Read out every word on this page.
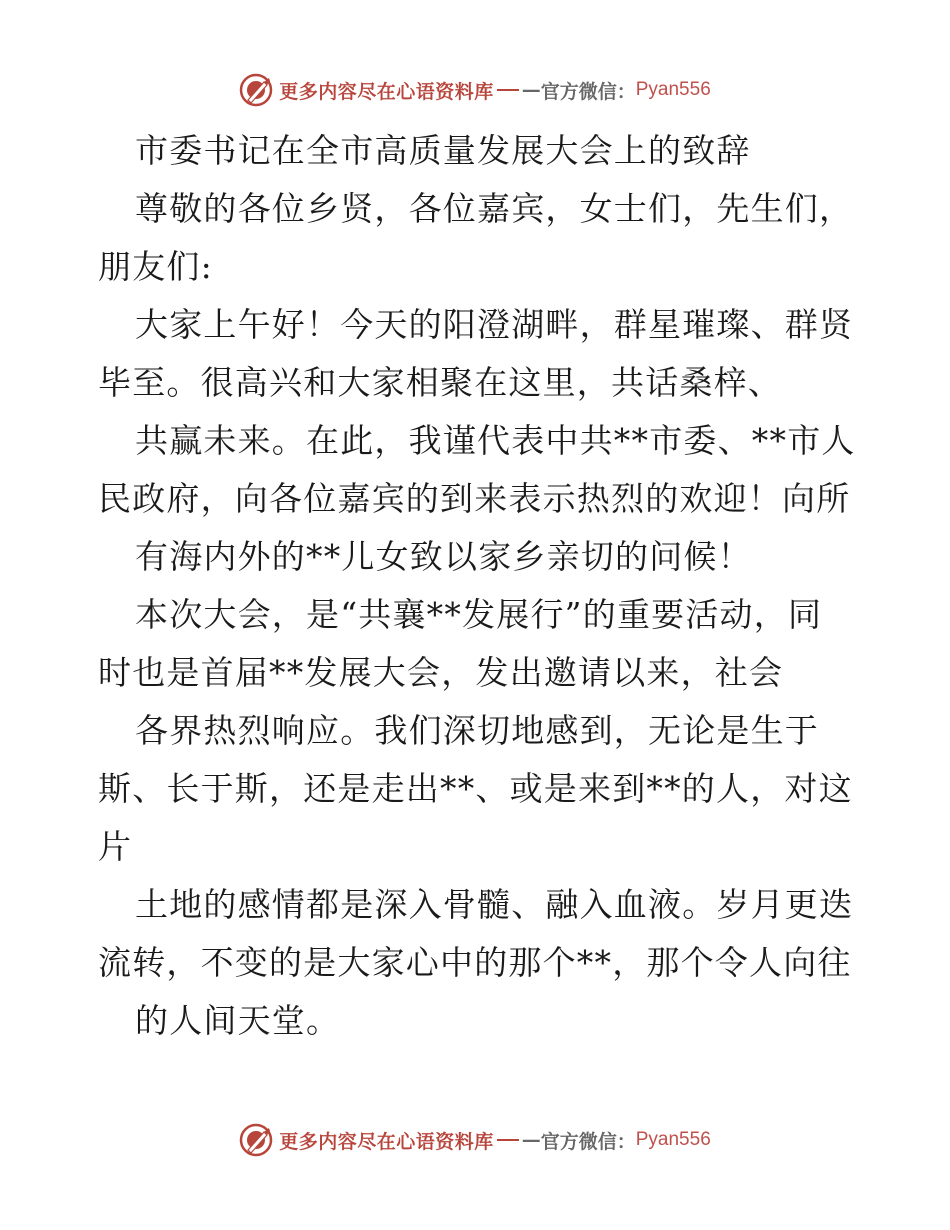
更多内容尽在心语资料库 — 官方微信： Pyan556
市委书记在全市高质量发展大会上的致辞
尊敬的各位乡贤，各位嘉宾，女士们，先生们，
朋友们:
大家上午好！今天的阳澄湖畔，群星璀璨、群贤
毕至。很高兴和大家相聚在这里，共话桑梓、
共赢未来。在此，我谨代表中共**市委、**市人
民政府，向各位嘉宾的到来表示热烈的欢迎！向所
有海内外的**儿女致以家乡亲切的问候！
本次大会，是“共襄**发展行”的重要活动，同
时也是首届**发展大会，发出邀请以来，社会
各界热烈响应。我们深切地感到，无论是生于
斯、长于斯，还是走出**、或是来到**的人，对这
片
土地的感情都是深入骨髓、融入血液。岁月更迭
流转，不变的是大家心中的那个**，那个令人向往
的人间天堂。
更多内容尽在心语资料库 — 官方微信： Pyan556
